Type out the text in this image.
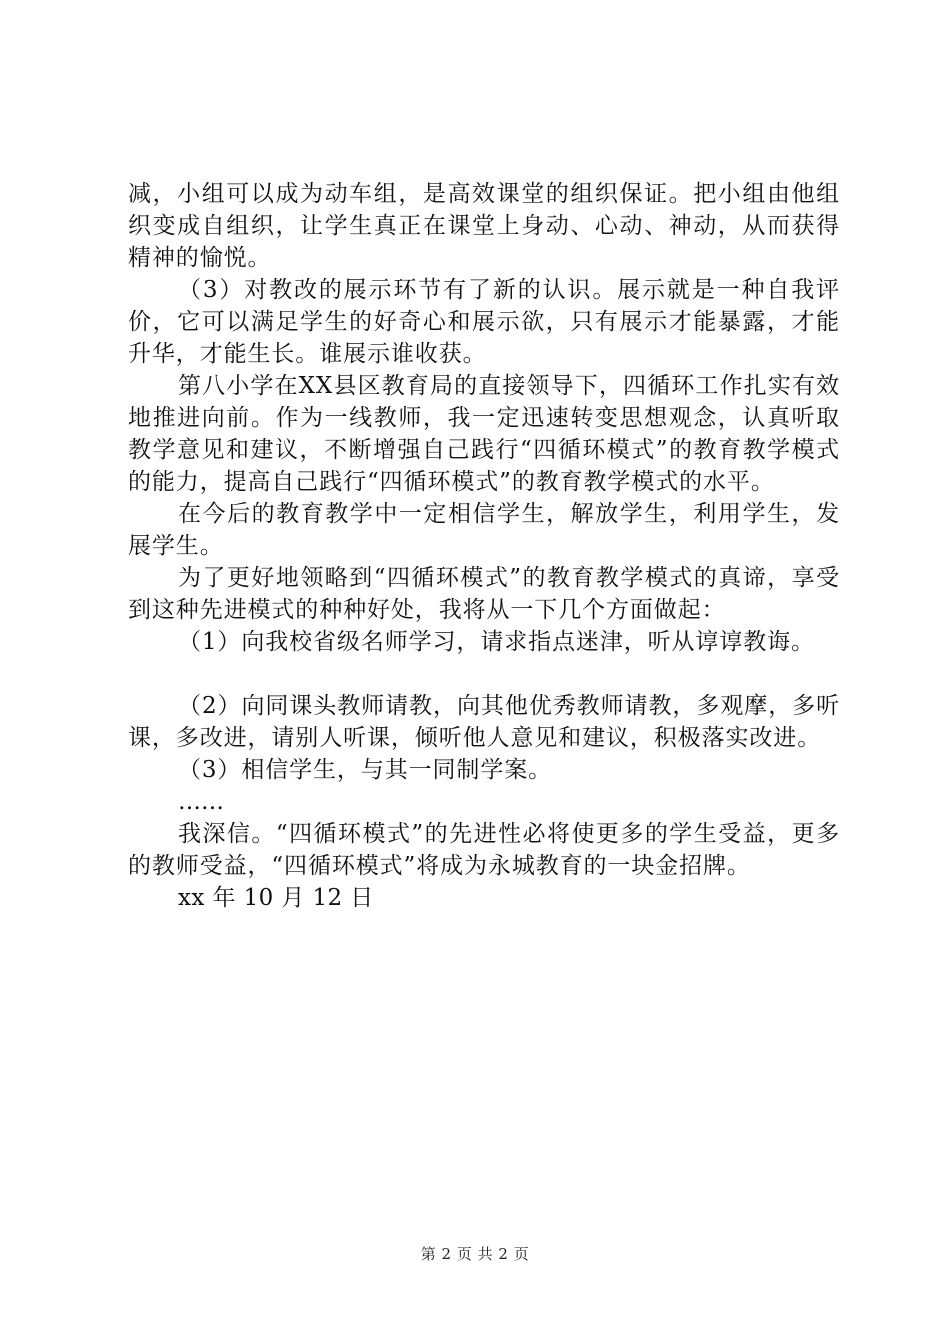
减，小组可以成为动车组，是高效课堂的组织保证。把小组由他组织变成自组织，让学生真正在课堂上身动、心动、神动，从而获得精神的愉悦。

（3）对教改的展示环节有了新的认识。展示就是一种自我评价，它可以满足学生的好奇心和展示欲，只有展示才能暴露，才能升华，才能生长。谁展示谁收获。

第八小学在XX县区教育局的直接领导下，四循环工作扎实有效地推进向前。作为一线教师，我一定迅速转变思想观念，认真听取教学意见和建议，不断增强自己践行“四循环模式”的教育教学模式的能力，提高自己践行“四循环模式”的教育教学模式的水平。

在今后的教育教学中一定相信学生，解放学生，利用学生，发展学生。

为了更好地领略到“四循环模式”的教育教学模式的真谛，享受到这种先进模式的种种好处，我将从一下几个方面做起：

（1）向我校省级名师学习，请求指点迷津，听从谆谆教诲。

（2）向同课头教师请教，向其他优秀教师请教，多观摩，多听课，多改进，请别人听课，倾听他人意见和建议，积极落实改进。

（3）相信学生，与其一同制学案。

……

我深信。“四循环模式”的先进性必将使更多的学生受益，更多的教师受益，“四循环模式”将成为永城教育的一块金招牌。

xx 年 10 月 12 日

第 2 页 共 2 页
